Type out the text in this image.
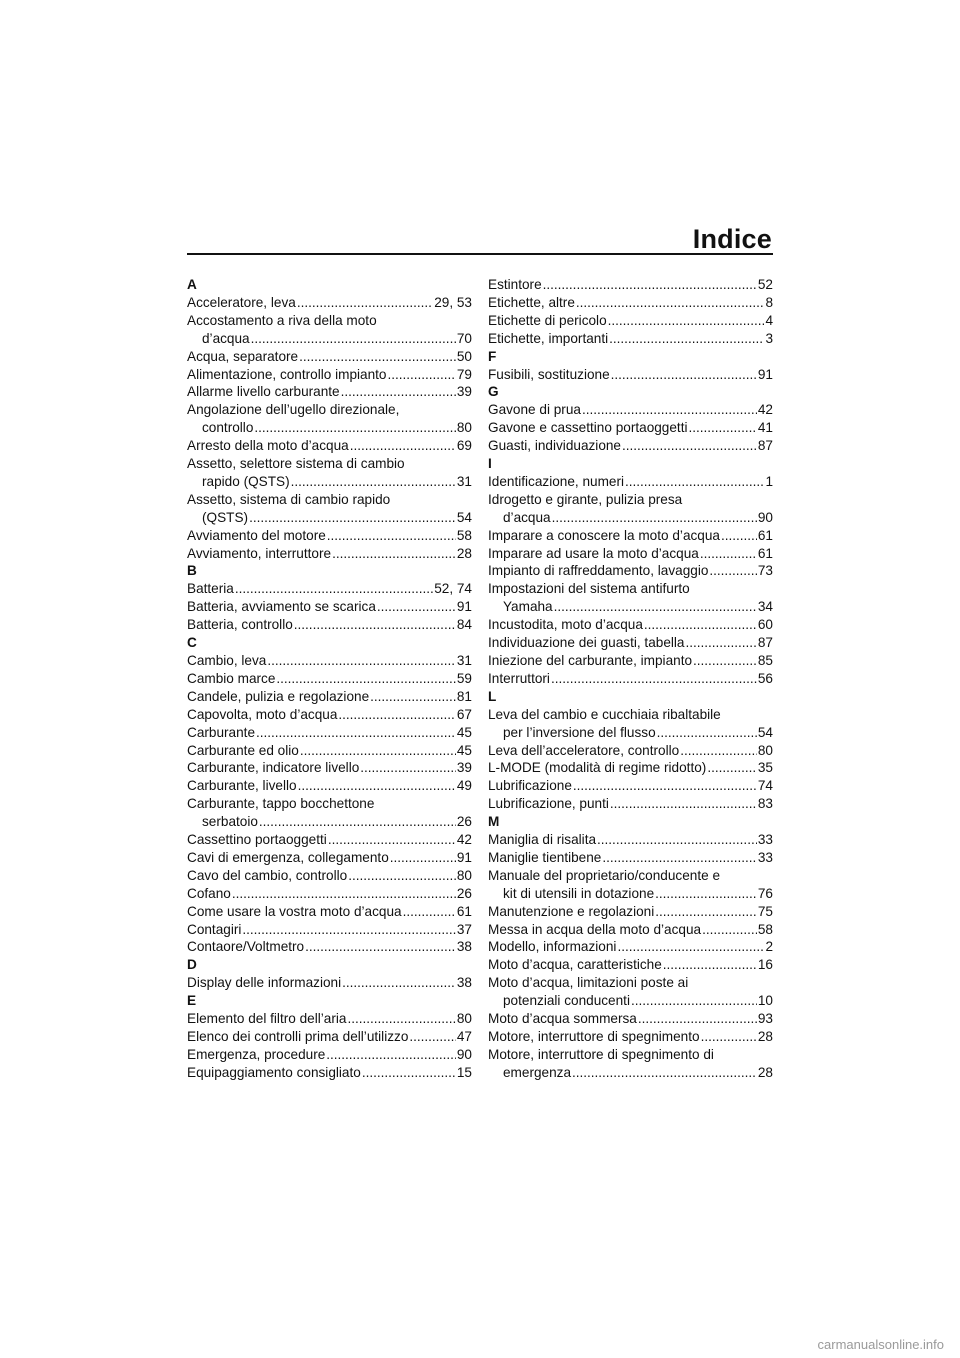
Indice
A
Acceleratore, leva . . .	29, 53
Accostamento a riva della moto
d’acqua . . .	70
Acqua, separatore . . .	50
Alimentazione, controllo impianto . . .	79
Allarme livello carburante . . .	39
Angolazione dell’ugello direzionale,
controllo . . .	80
Arresto della moto d’acqua . . .	69
Assetto, selettore sistema di cambio
rapido (QSTS) . . .	31
Assetto, sistema di cambio rapido
(QSTS) . . .	54
Avviamento del motore . . .	58
Avviamento, interruttore . . .	28
B
Batteria . . .	52, 74
Batteria, avviamento se scarica . . .	91
Batteria, controllo . . .	84
C
Cambio, leva . . .	31
Cambio marce . . .	59
Candele, pulizia e regolazione . . .	81
Capovolta, moto d’acqua . . .	67
Carburante . . .	45
Carburante ed olio . . .	45
Carburante, indicatore livello . . .	39
Carburante, livello . . .	49
Carburante, tappo bocchettone
serbatoio . . .	26
Cassettino portaoggetti . . .	42
Cavi di emergenza, collegamento . . .	91
Cavo del cambio, controllo . . .	80
Cofano . . .	26
Come usare la vostra moto d’acqua . . .	61
Contagiri . . .	37
Contaore/Voltmetro . . .	38
D
Display delle informazioni . . .	38
E
Elemento del filtro dell’aria . . .	80
Elenco dei controlli prima dell’utilizzo . . .	47
Emergenza, procedure . . .	90
Equipaggiamento consigliato . . .	15
Estintore . . .	52
Etichette, altre . . .	8
Etichette di pericolo . . .	4
Etichette, importanti . . .	3
F
Fusibili, sostituzione . . .	91
G
Gavone di prua . . .	42
Gavone e cassettino portaoggetti . . .	41
Guasti, individuazione . . .	87
I
Identificazione, numeri . . .	1
Idrogetto e girante, pulizia presa
d’acqua . . .	90
Imparare a conoscere la moto d’acqua . . .	61
Imparare ad usare la moto d’acqua . . .	61
Impianto di raffreddamento, lavaggio . . .	73
Impostazioni del sistema antifurto
Yamaha . . .	34
Incustodita, moto d’acqua . . .	60
Individuazione dei guasti, tabella . . .	87
Iniezione del carburante, impianto . . .	85
Interruttori . . .	56
L
Leva del cambio e cucchiaia ribaltabile
per l’inversione del flusso . . .	54
Leva dell’acceleratore, controllo . . .	80
L-MODE (modalità di regime ridotto) . . .	35
Lubrificazione . . .	74
Lubrificazione, punti . . .	83
M
Maniglia di risalita . . .	33
Maniglie tientibene . . .	33
Manuale del proprietario/conducente e
kit di utensili in dotazione . . .	76
Manutenzione e regolazioni . . .	75
Messa in acqua della moto d’acqua . . .	58
Modello, informazioni . . .	2
Moto d’acqua, caratteristiche . . .	16
Moto d’acqua, limitazioni poste ai
potenziali conducenti . . .	10
Moto d’acqua sommersa . . .	93
Motore, interruttore di spegnimento . . .	28
Motore, interruttore di spegnimento di
emergenza . . .	28
carmanualsonline.info
